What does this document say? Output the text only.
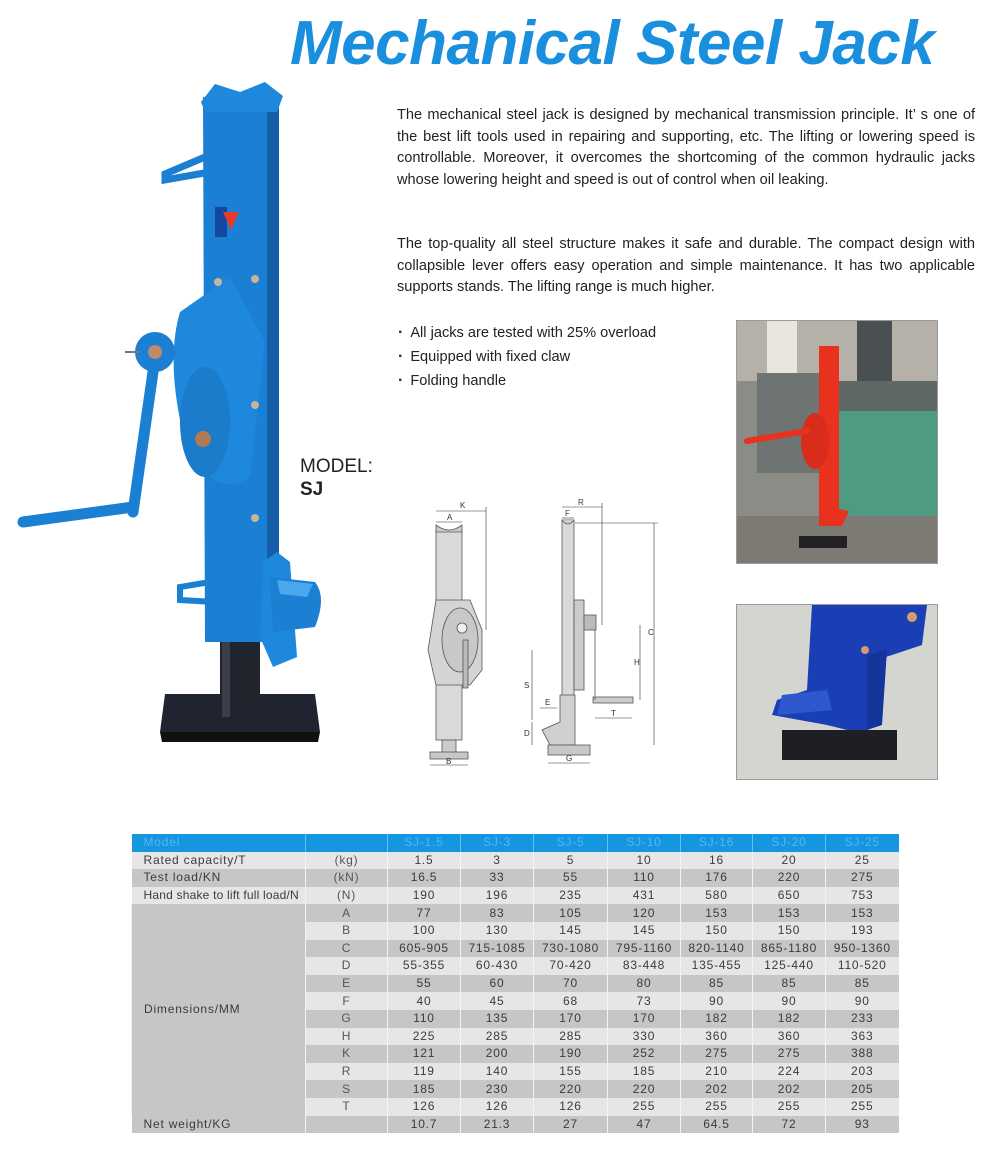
Mechanical Steel Jack

The mechanical steel jack is designed by mechanical transmission principle. It’ s one of the best lift tools used in repairing and supporting, etc. The lifting or lowering speed is controllable. Moreover, it overcomes the shortcoming of the common hydraulic jacks whose lowering height and speed is out of control when oil leaking.

The top-quality all steel structure makes it safe and durable. The compact design with collapsible lever offers easy operation and simple maintenance. It has two applicable supports stands. The lifting range is much higher.

· All jacks are tested with 25% overload
· Equipped with fixed claw
· Folding handle
MODEL:
SJ
K
A
B
R
F
C
H
S
E
D
T
G
Model		SJ-1.5	SJ-3	SJ-5	SJ-10	SJ-16	SJ-20	SJ-25
Rated capacity/T	(kg)	1.5	3	5	10	16	20	25
Test load/KN	(kN)	16.5	33	55	110	176	220	275
Hand shake to lift full load/N	(N)	190	196	235	431	580	650	753
Dimensions/MM	A	77	83	105	120	153	153	153
	B	100	130	145	145	150	150	193
	C	605-905	715-1085	730-1080	795-1160	820-1140	865-1180	950-1360
	D	55-355	60-430	70-420	83-448	135-455	125-440	110-520
	E	55	60	70	80	85	85	85
	F	40	45	68	73	90	90	90
	G	110	135	170	170	182	182	233
	H	225	285	285	330	360	360	363
	K	121	200	190	252	275	275	388
	R	119	140	155	185	210	224	203
	S	185	230	220	220	202	202	205
	T	126	126	126	255	255	255	255
Net weight/KG		10.7	21.3	27	47	64.5	72	93
